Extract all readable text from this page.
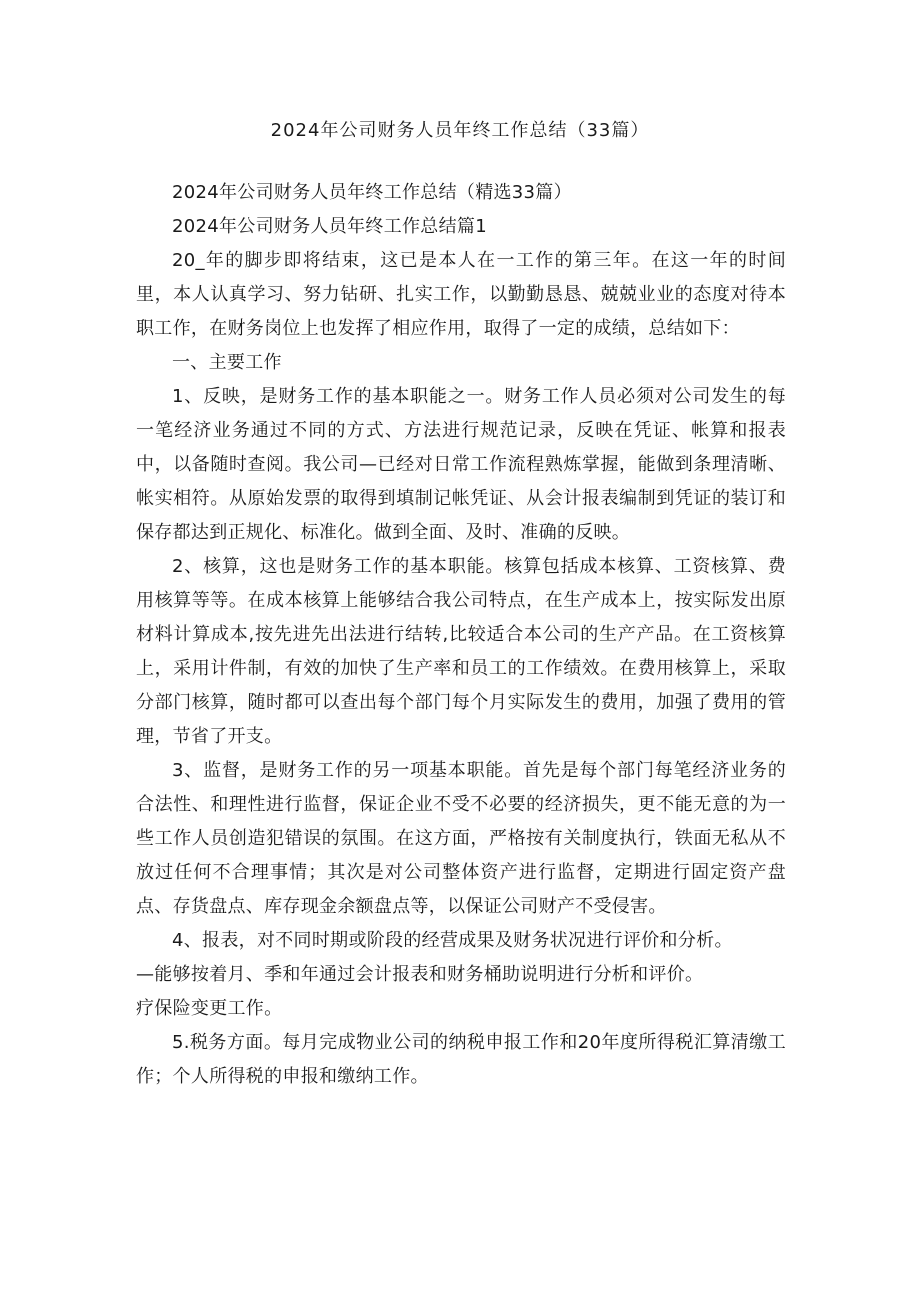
2024年公司财务人员年终工作总结（33篇）

2024年公司财务人员年终工作总结（精选33篇）

2024年公司财务人员年终工作总结篇1

20_年的脚步即将结束，这已是本人在一工作的第三年。在这一年的时间里，本人认真学习、努力钻研、扎实工作，以勤勤恳恳、兢兢业业的态度对待本职工作，在财务岗位上也发挥了相应作用，取得了一定的成绩，总结如下：

一、主要工作

1、反映，是财务工作的基本职能之一。财务工作人员必须对公司发生的每一笔经济业务通过不同的方式、方法进行规范记录，反映在凭证、帐算和报表中，以备随时查阅。我公司—已经对日常工作流程熟炼掌握，能做到条理清晰、帐实相符。从原始发票的取得到填制记帐凭证、从会计报表编制到凭证的装订和保存都达到正规化、标准化。做到全面、及时、准确的反映。

2、核算，这也是财务工作的基本职能。核算包括成本核算、工资核算、费用核算等等。在成本核算上能够结合我公司特点，在生产成本上，按实际发出原材料计算成本,按先进先出法进行结转,比较适合本公司的生产产品。在工资核算上，采用计件制，有效的加快了生产率和员工的工作绩效。在费用核算上，采取分部门核算，随时都可以查出每个部门每个月实际发生的费用，加强了费用的管理，节省了开支。

3、监督，是财务工作的另一项基本职能。首先是每个部门每笔经济业务的合法性、和理性进行监督，保证企业不受不必要的经济损失，更不能无意的为一些工作人员创造犯错误的氛围。在这方面，严格按有关制度执行，铁面无私从不放过任何不合理事情；其次是对公司整体资产进行监督，定期进行固定资产盘点、存货盘点、库存现金余额盘点等，以保证公司财产不受侵害。

4、报表，对不同时期或阶段的经营成果及财务状况进行评价和分析。

—能够按着月、季和年通过会计报表和财务桶助说明进行分析和评价。

疗保险变更工作。

5.税务方面。每月完成物业公司的纳税申报工作和20年度所得税汇算清缴工作；个人所得税的申报和缴纳工作。
